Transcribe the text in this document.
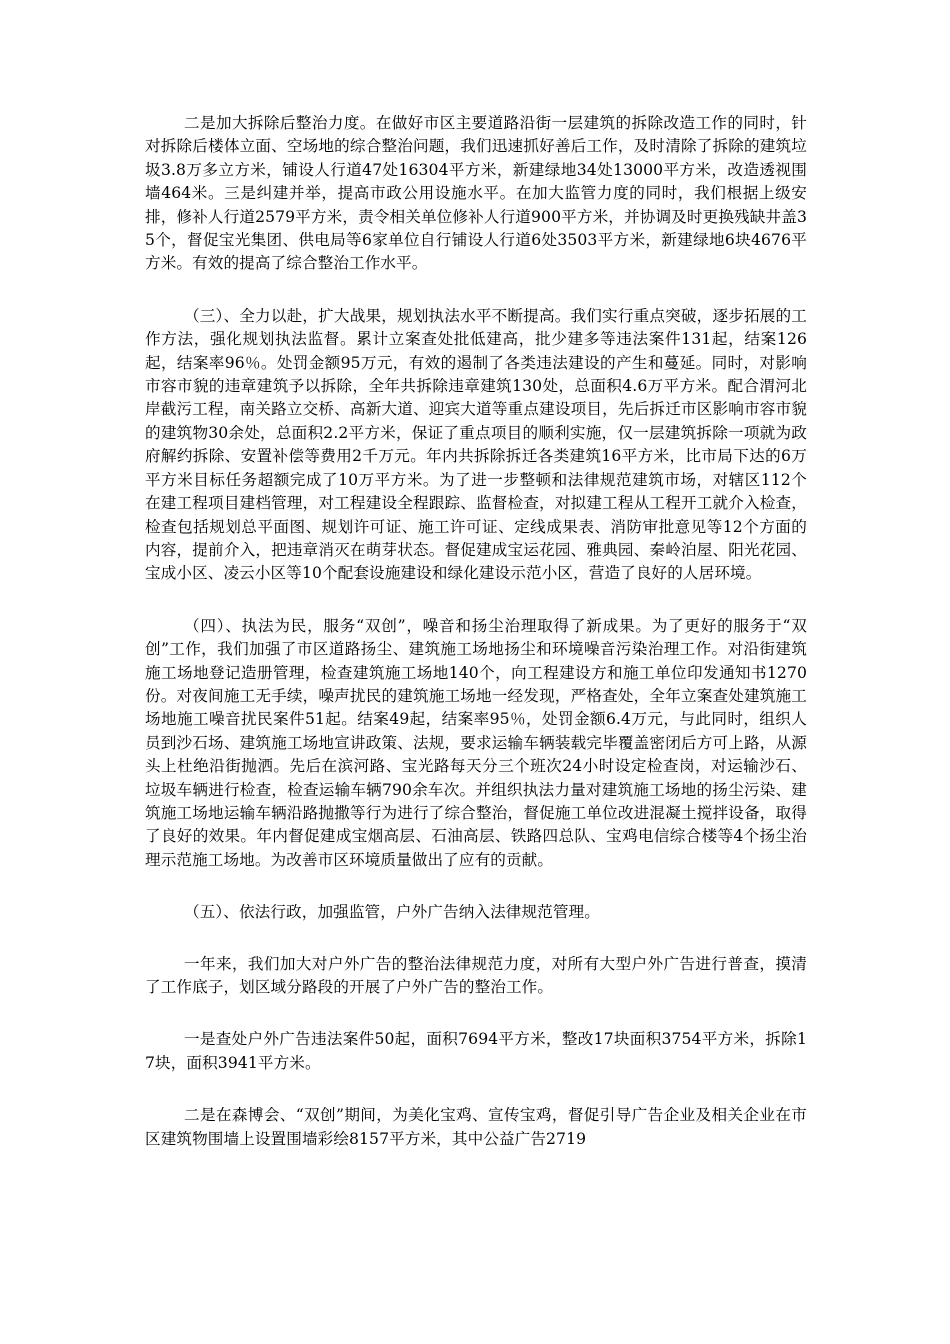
二是加大拆除后整治力度。在做好市区主要道路沿街一层建筑的拆除改造工作的同时，针对拆除后楼体立面、空场地的综合整治问题，我们迅速抓好善后工作，及时清除了拆除的建筑垃圾3.8万多立方米，铺设人行道47处16304平方米，新建绿地34处13000平方米，改造透视围墙464米。三是纠建并举，提高市政公用设施水平。在加大监管力度的同时，我们根据上级安排，修补人行道2579平方米，责令相关单位修补人行道900平方米，并协调及时更换残缺井盖35个，督促宝光集团、供电局等6家单位自行铺设人行道6处3503平方米，新建绿地6块4676平方米。有效的提高了综合整治工作水平。

（三）、全力以赴，扩大战果，规划执法水平不断提高。我们实行重点突破，逐步拓展的工作方法，强化规划执法监督。累计立案查处批低建高，批少建多等违法案件131起，结案126起，结案率96％。处罚金额95万元，有效的遏制了各类违法建设的产生和蔓延。同时，对影响市容市貌的违章建筑予以拆除，全年共拆除违章建筑130处，总面积4.6万平方米。配合渭河北岸截污工程，南关路立交桥、高新大道、迎宾大道等重点建设项目，先后拆迁市区影响市容市貌的建筑物30余处，总面积2.2平方米，保证了重点项目的顺利实施，仅一层建筑拆除一项就为政府解约拆除、安置补偿等费用2千万元。年内共拆除拆迁各类建筑16平方米，比市局下达的6万平方米目标任务超额完成了10万平方米。为了进一步整顿和法律规范建筑市场，对辖区112个在建工程项目建档管理，对工程建设全程跟踪、监督检查，对拟建工程从工程开工就介入检查，检查包括规划总平面图、规划许可证、施工许可证、定线成果表、消防审批意见等12个方面的内容，提前介入，把违章消灭在萌芽状态。督促建成宝运花园、雅典园、秦岭泊屋、阳光花园、宝成小区、凌云小区等10个配套设施建设和绿化建设示范小区，营造了良好的人居环境。

（四）、执法为民，服务“双创”，噪音和扬尘治理取得了新成果。为了更好的服务于“双创”工作，我们加强了市区道路扬尘、建筑施工场地扬尘和环境噪音污染治理工作。对沿街建筑施工场地登记造册管理，检查建筑施工场地140个，向工程建设方和施工单位印发通知书1270份。对夜间施工无手续，噪声扰民的建筑施工场地一经发现，严格查处，全年立案查处建筑施工场地施工噪音扰民案件51起。结案49起，结案率95％，处罚金额6.4万元，与此同时，组织人员到沙石场、建筑施工场地宣讲政策、法规，要求运输车辆装载完毕覆盖密闭后方可上路，从源头上杜绝沿街抛洒。先后在滨河路、宝光路每天分三个班次24小时设定检查岗，对运输沙石、垃圾车辆进行检查，检查运输车辆790余车次。并组织执法力量对建筑施工场地的扬尘污染、建筑施工场地运输车辆沿路抛撒等行为进行了综合整治，督促施工单位改进混凝土搅拌设备，取得了良好的效果。年内督促建成宝烟高层、石油高层、铁路四总队、宝鸡电信综合楼等4个扬尘治理示范施工场地。为改善市区环境质量做出了应有的贡献。

（五）、依法行政，加强监管，户外广告纳入法律规范管理。

一年来，我们加大对户外广告的整治法律规范力度，对所有大型户外广告进行普查，摸清了工作底子，划区域分路段的开展了户外广告的整治工作。

一是查处户外广告违法案件50起，面积7694平方米，整改17块面积3754平方米，拆除17块，面积3941平方米。

二是在森博会、“双创”期间，为美化宝鸡、宣传宝鸡，督促引导广告企业及相关企业在市区建筑物围墙上设置围墙彩绘8157平方米，其中公益广告2719
